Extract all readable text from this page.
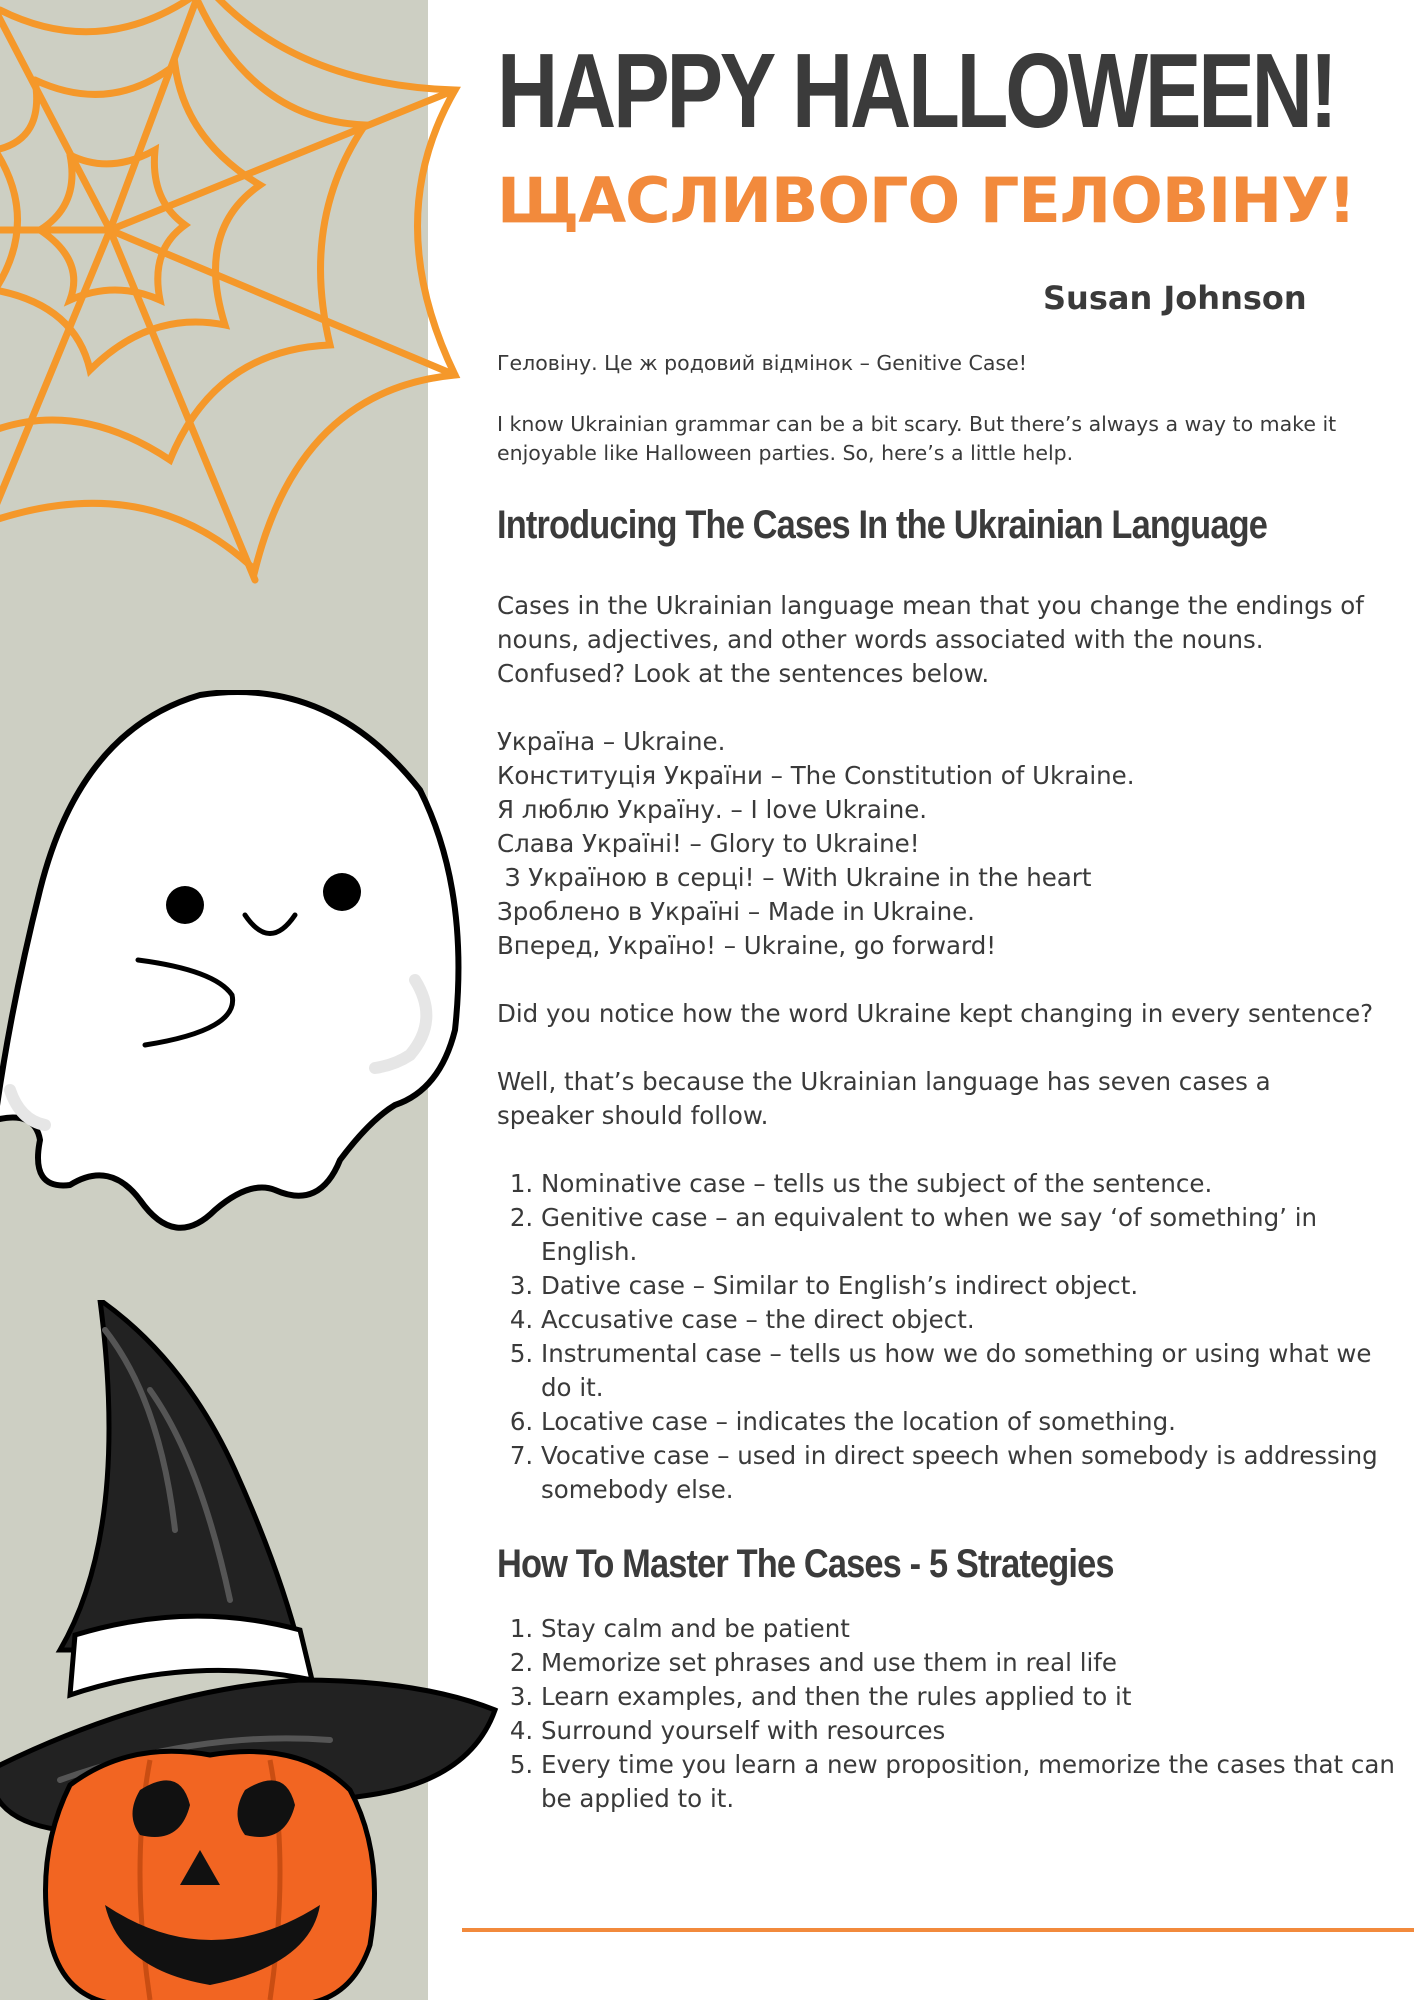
HAPPY HALLOWEEN!
ЩАСЛИВОГО ГЕЛОВІНУ!
Susan Johnson

Геловіну. Це ж родовий відмінок – Genitive Case!

I know Ukrainian grammar can be a bit scary. But there’s always a way to make it enjoyable like Halloween parties. So, here’s a little help.

Introducing The Cases In the Ukrainian Language

Cases in the Ukrainian language mean that you change the endings of nouns, adjectives, and other words associated with the nouns. Confused? Look at the sentences below.

Україна – Ukraine.

Конституція України – The Constitution of Ukraine.

Я люблю Україну. – I love Ukraine.

Слава Україні! – Glory to Ukraine!

З Україною в серці! – With Ukraine in the heart

Зроблено в Україні – Made in Ukraine.

Вперед, Україно! – Ukraine, go forward!

Did you notice how the word Ukraine kept changing in every sentence?

Well, that’s because the Ukrainian language has seven cases a speaker should follow.

1. Nominative case – tells us the subject of the sentence.
2. Genitive case – an equivalent to when we say ‘of something’ in English.
3. Dative case – Similar to English’s indirect object.
4. Accusative case – the direct object.
5. Instrumental case – tells us how we do something or using what we do it.
6. Locative case – indicates the location of something.
7. Vocative case – used in direct speech when somebody is addressing somebody else.
How To Master The Cases - 5 Strategies
1. Stay calm and be patient
2. Memorize set phrases and use them in real life
3. Learn examples, and then the rules applied to it
4. Surround yourself with resources
5. Every time you learn a new proposition, memorize the cases that can be applied to it.
